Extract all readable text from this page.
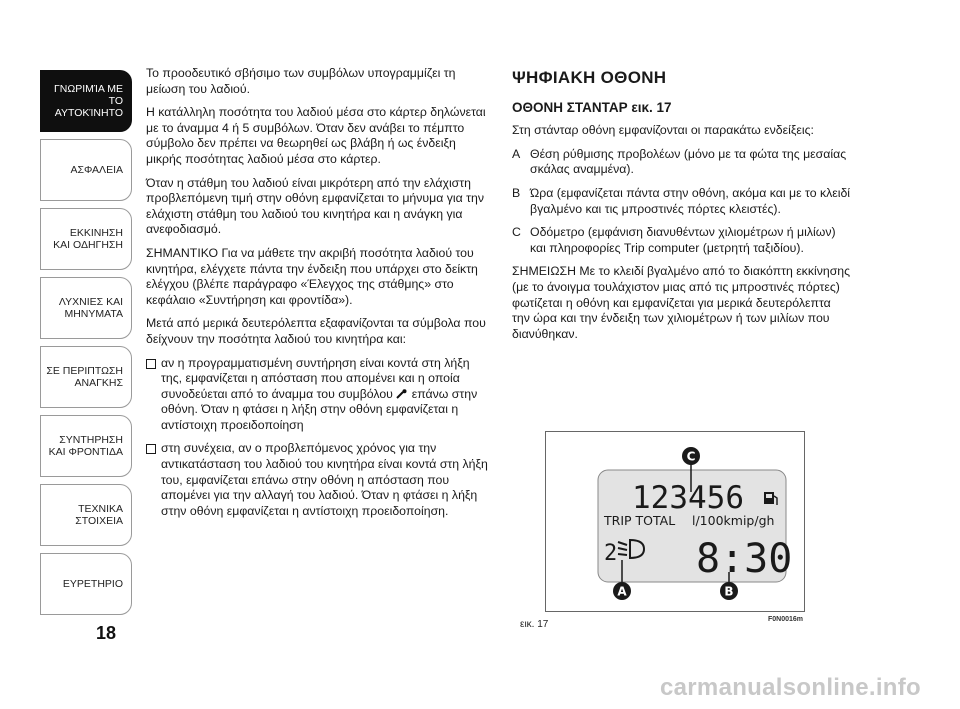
ΓΝΩΡΙΜΊΑ ΜΕ
ΤΟ ΑΥΤΟΚΊΝΗΤΟ
ΑΣΦΑΛΕΙΑ
ΕΚΚΙΝΗΣΗ
ΚΑΙ ΟΔΗΓΗΣΗ
ΛΥΧΝΙΕΣ ΚΑΙ
ΜΗΝΥΜΑΤΑ
ΣΕ ΠΕΡΙΠΤΩΣΗ
ΑΝΑΓΚΗΣ
ΣΥΝΤΗΡΗΣΗ
ΚΑΙ ΦΡΟΝΤΙΔΑ
ΤΕΧΝΙΚΑ
ΣΤΟΙΧΕΙΑ
ΕΥΡΕΤΗΡΙΟ
18

Το προοδευτικό σβήσιμο των συμβόλων υπογραμμίζει τη μείωση του λαδιού.

Η κατάλληλη ποσότητα του λαδιού μέσα στο κάρτερ δηλώνεται με το άναμμα 4 ή 5 συμβόλων. Όταν δεν ανάβει το πέμπτο σύμβολο δεν πρέπει να θεωρηθεί ως βλάβη ή ως ένδειξη μικρής ποσότητας λαδιού μέσα στο κάρτερ.

Όταν η στάθμη του λαδιού είναι μικρότερη από την ελάχιστη προβλεπόμενη τιμή στην οθόνη εμφανίζεται το μήνυμα για την ελάχιστη στάθμη του λαδιού του κινητήρα και η ανάγκη για ανεφοδιασμό.

ΣΗΜΑΝΤΙΚΟ Για να μάθετε την ακριβή ποσότητα λαδιού του κινητήρα, ελέγχετε πάντα την ένδειξη που υπάρχει στο δείκτη ελέγχου (βλέπε παράγραφο «Έλεγχος της στάθμης» στο κεφάλαιο «Συντήρηση και φροντίδα»).

Μετά από μερικά δευτερόλεπτα εξαφανίζονται τα σύμβολα που δείχνουν την ποσότητα λαδιού του κινητήρα και:

αν η προγραμματισμένη συντήρηση είναι κοντά στη λήξη της, εμφανίζεται η απόσταση που απομένει και η οποία συνοδεύεται από το άναμμα του συμβόλου  επάνω στην οθόνη. Όταν η φτάσει η λήξη στην οθόνη εμφανίζεται η αντίστοιχη προειδοποίηση
στη συνέχεια, αν ο προβλεπόμενος χρόνος για την αντικατάσταση του λαδιού του κινητήρα είναι κοντά στη λήξη του, εμφανίζεται επάνω στην οθόνη η απόσταση που απομένει για την αλλαγή του λαδιού. Όταν η φτάσει η λήξη στην οθόνη εμφανίζεται η αντίστοιχη προειδοποίηση.
ΨΗΦΙΑΚΗ ΟΘΟΝΗ
ΟΘΟΝΗ ΣΤΑΝΤΑΡ εικ. 17

Στη στάνταρ οθόνη εμφανίζονται οι παρακάτω ενδείξεις:

A Θέση ρύθμισης προβολέων (μόνο με τα φώτα της μεσαίας σκάλας αναμμένα).
B Ώρα (εμφανίζεται πάντα στην οθόνη, ακόμα και με το κλειδί βγαλμένο και τις μπροστινές πόρτες κλειστές).
C Οδόμετρο (εμφάνιση διανυθέντων χιλιομέτρων ή μιλίων) και πληροφορίες Trip computer (μετρητή ταξιδίου).

ΣΗΜΕΙΩΣΗ Με το κλειδί βγαλμένο από το διακόπτη εκκίνησης (με το άνοιγμα τουλάχιστον μιας από τις μπροστινές πόρτες) φωτίζεται η οθόνη και εμφανίζεται για μερικά δευτερόλεπτα την ώρα και την ένδειξη των χιλιομέτρων ή των μιλίων που διανύθηκαν.

123456
TRIP TOTAL l/100kmip/gh
2 8:30
C
A	B
εικ. 17	F0N0016m
carmanualsonline.info
